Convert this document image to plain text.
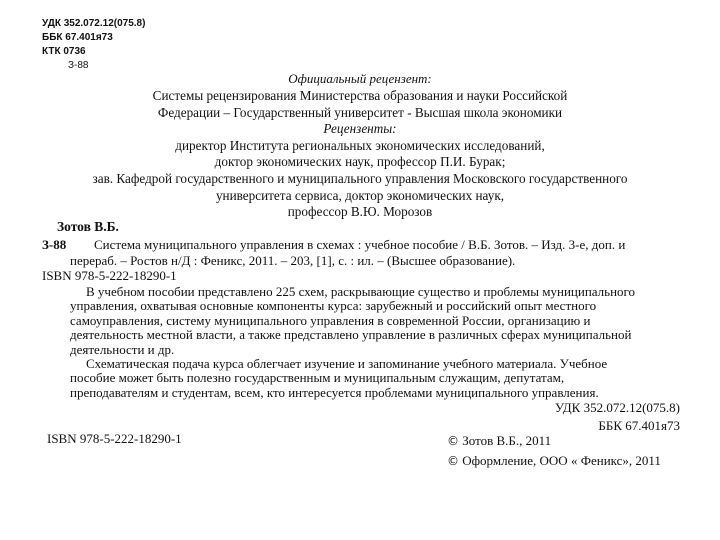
УДК 352.072.12(075.8)
ББК 67.401я73
КТК 0736

З-88
Официальный рецензент:
Системы рецензирования Министерства образования и науки Российской
Федерации – Государственный университет - Высшая школа экономики
Рецензенты:
директор Института региональных экономических исследований,
доктор экономических наук, профессор П.И. Бурак;
зав. Кафедрой государственного и муниципального управления Московского государственного
университета сервиса, доктор экономических наук,
профессор В.Ю. Морозов
Зотов В.Б.
З-88 Система муниципального управления в схемах : учебное пособие / В.Б. Зотов. – Изд. 3-е, доп. и
перераб. – Ростов н/Д : Феникс, 2011. – 203, [1], с. : ил. – (Высшее образование).
ISBN 978-5-222-18290-1
В учебном пособии представлено 225 схем, раскрывающие существо и проблемы муниципального
управления, охватывая основные компоненты курса: зарубежный и российский опыт местного
самоуправления, систему муниципального управления в современной России, организацию и
деятельность местной власти, а также представлено управление в различных сферах муниципальной
деятельности и др.
Схематическая подача курса облегчает изучение и запоминание учебного материала. Учебное
пособие может быть полезно государственным и муниципальным служащим, депутатам,
преподавателям и студентам, всем, кто интересуется проблемами муниципального управления.
УДК 352.072.12(075.8)
ББК 67.401я73
ISBN 978-5-222-18290-1	© Зотов В.Б., 2011
© Оформление, ООО « Феникс», 2011
